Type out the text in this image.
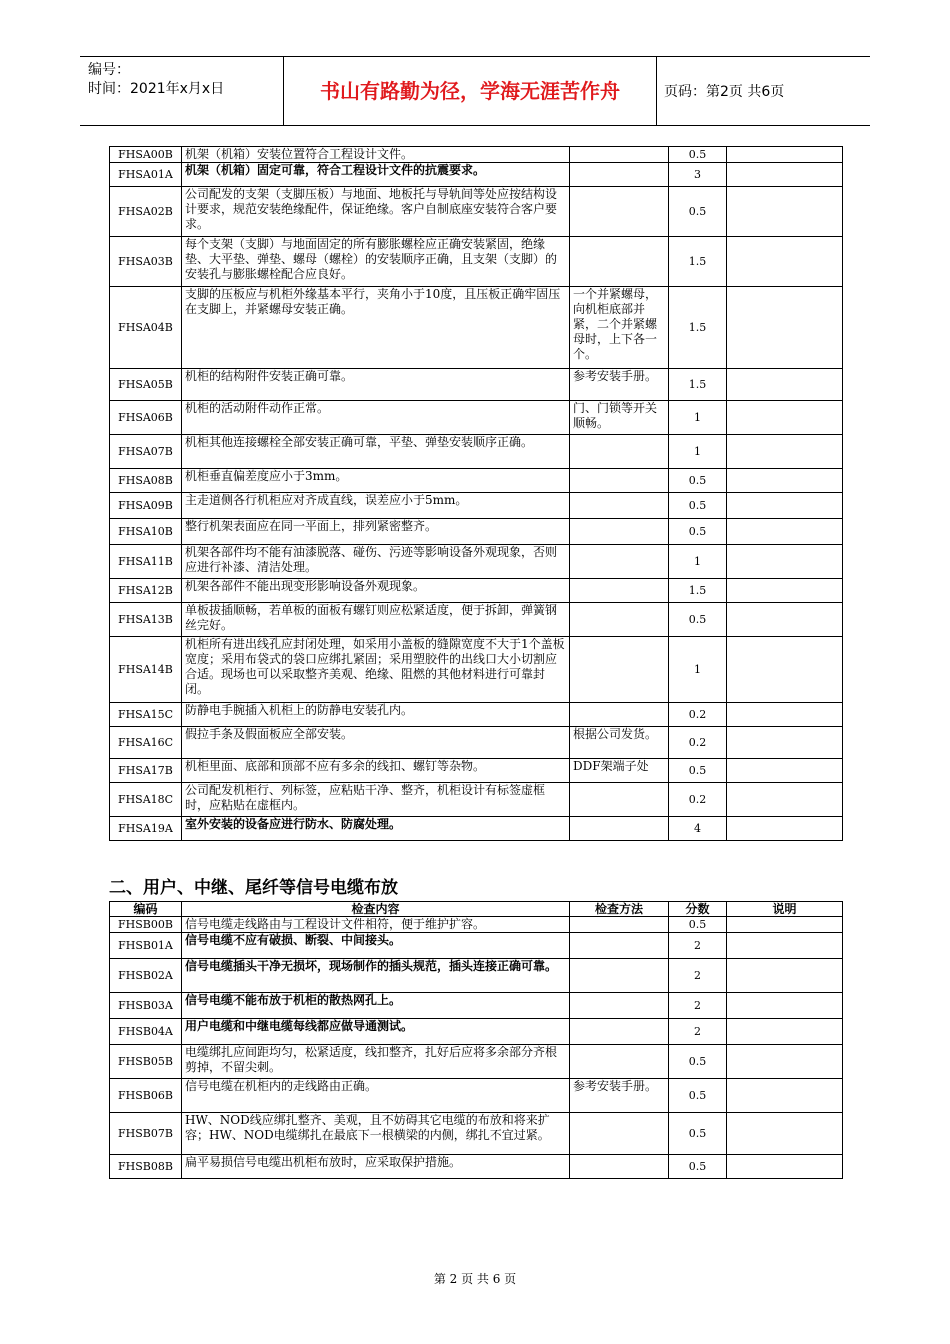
编号：
时间：2021年x月x日	书山有路勤为径，学海无涯苦作舟	页码：第2页 共6页
FHSA00B	机架（机箱）安装位置符合工程设计文件。		0.5	
FHSA01A	机架（机箱）固定可靠，符合工程设计文件的抗震要求。		3	
FHSA02B	公司配发的支架（支脚压板）与地面、地板托与导轨间等处应按结构设计要求，规范安装绝缘配件，保证绝缘。客户自制底座安装符合客户要求。		0.5	
FHSA03B	每个支架（支脚）与地面固定的所有膨胀螺栓应正确安装紧固，绝缘垫、大平垫、弹垫、螺母（螺栓）的安装顺序正确，且支架（支脚）的安装孔与膨胀螺栓配合应良好。		1.5	
FHSA04B	支脚的压板应与机柜外缘基本平行，夹角小于10度，且压板正确牢固压在支脚上，并紧螺母安装正确。	一个并紧螺母，向机柜底部并紧，二个并紧螺母时，上下各一个。	1.5	
FHSA05B	机柜的结构附件安装正确可靠。	参考安装手册。	1.5	
FHSA06B	机柜的活动附件动作正常。	门、门锁等开关顺畅。	1	
FHSA07B	机柜其他连接螺栓全部安装正确可靠，平垫、弹垫安装顺序正确。		1	
FHSA08B	机柜垂直偏差度应小于3mm。		0.5	
FHSA09B	主走道侧各行机柜应对齐成直线，误差应小于5mm。		0.5	
FHSA10B	整行机架表面应在同一平面上，排列紧密整齐。		0.5	
FHSA11B	机架各部件均不能有油漆脱落、碰伤、污迹等影响设备外观现象，否则应进行补漆、清洁处理。		1	
FHSA12B	机架各部件不能出现变形影响设备外观现象。		1.5	
FHSA13B	单板拔插顺畅，若单板的面板有螺钉则应松紧适度，便于拆卸，弹簧钢丝完好。		0.5	
FHSA14B	机柜所有进出线孔应封闭处理，如采用小盖板的缝隙宽度不大于1个盖板宽度；采用布袋式的袋口应绑扎紧固；采用塑胶件的出线口大小切割应合适。现场也可以采取整齐美观、绝缘、阻燃的其他材料进行可靠封闭。		1	
FHSA15C	防静电手腕插入机柜上的防静电安装孔内。		0.2	
FHSA16C	假拉手条及假面板应全部安装。	根据公司发货。	0.2	
FHSA17B	机柜里面、底部和顶部不应有多余的线扣、螺钉等杂物。	DDF架端子处	0.5	
FHSA18C	公司配发机柜行、列标签，应粘贴干净、整齐，机柜设计有标签虚框时，应粘贴在虚框内。		0.2	
FHSA19A	室外安装的设备应进行防水、防腐处理。		4	
二、用户、中继、尾纤等信号电缆布放
编码	检查内容	检查方法	分数	说明
FHSB00B	信号电缆走线路由与工程设计文件相符，便于维护扩容。		0.5	
FHSB01A	信号电缆不应有破损、断裂、中间接头。		2	
FHSB02A	信号电缆插头干净无损坏，现场制作的插头规范，插头连接正确可靠。		2	
FHSB03A	信号电缆不能布放于机柜的散热网孔上。		2	
FHSB04A	用户电缆和中继电缆每线都应做导通测试。		2	
FHSB05B	电缆绑扎应间距均匀，松紧适度，线扣整齐，扎好后应将多余部分齐根剪掉，不留尖刺。		0.5	
FHSB06B	信号电缆在机柜内的走线路由正确。	参考安装手册。	0.5	
FHSB07B	HW、NOD线应绑扎整齐、美观，且不妨碍其它电缆的布放和将来扩容；HW、NOD电缆绑扎在最底下一根横梁的内侧，绑扎不宜过紧。		0.5	
FHSB08B	扁平易损信号电缆出机柜布放时，应采取保护措施。		0.5	
第 2 页 共 6 页
